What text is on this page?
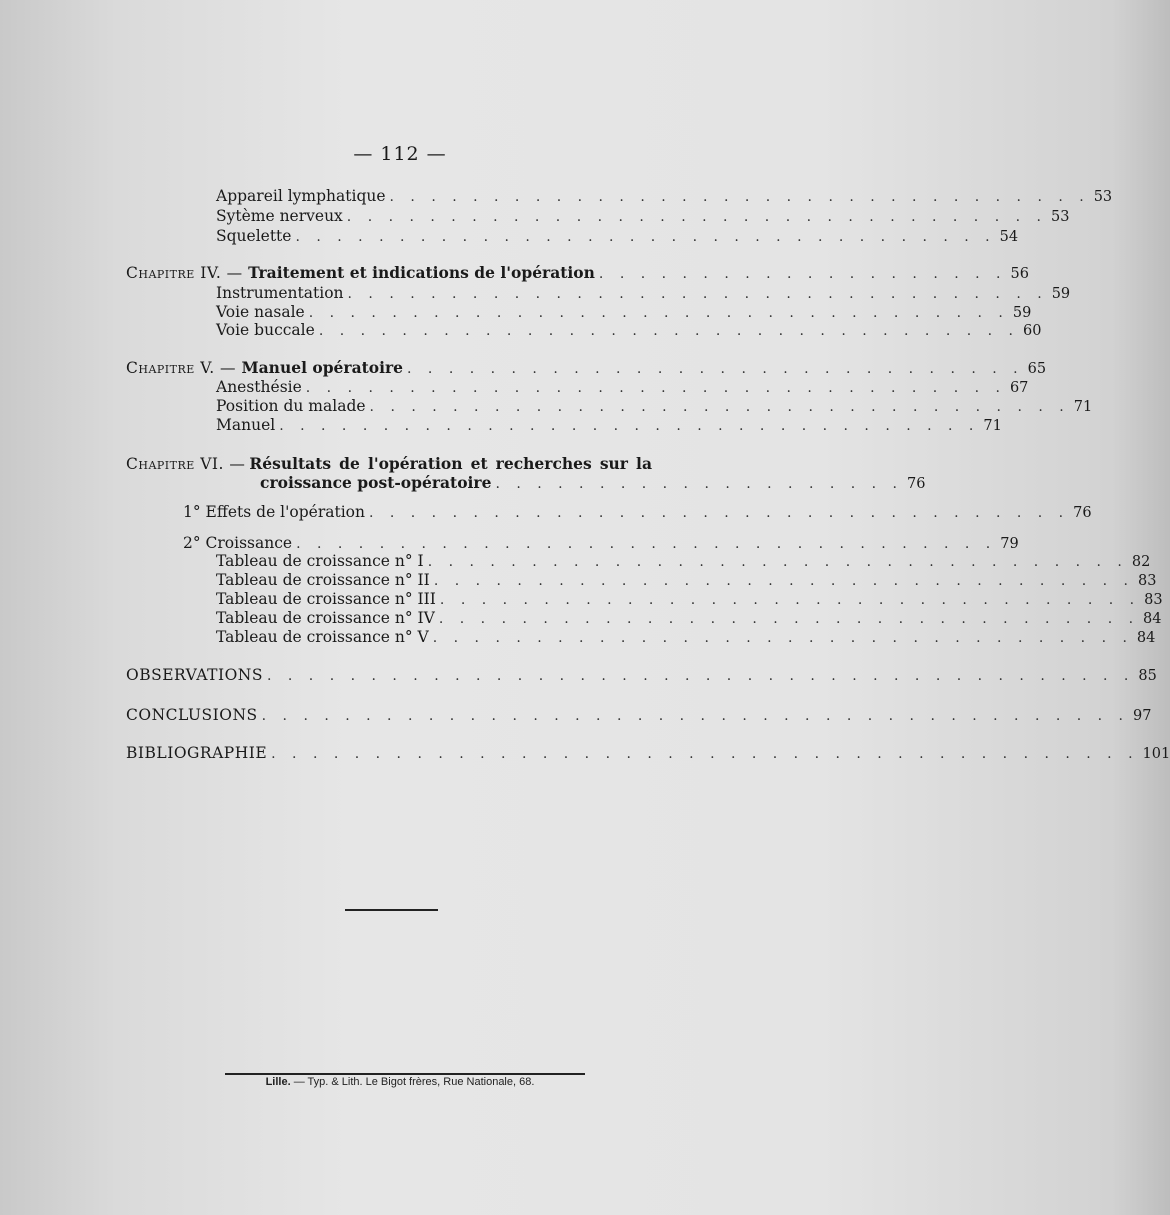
— 112 —
Appareil lymphatique . . . . . . . . . . . . . . . . . . . . . . . . . . . . . . . . . . 53
Sytème nerveux . . . . . . . . . . . . . . . . . . . . . . . . . . . . . . . . . . 53
Squelette . . . . . . . . . . . . . . . . . . . . . . . . . . . . . . . . . . 54
Chapitre IV. — Traitement et indications de l'opération . . . . . . . . . . . . . . . . . . . . 56
Instrumentation . . . . . . . . . . . . . . . . . . . . . . . . . . . . . . . . . . 59
Voie nasale . . . . . . . . . . . . . . . . . . . . . . . . . . . . . . . . . . 59
Voie buccale . . . . . . . . . . . . . . . . . . . . . . . . . . . . . . . . . . 60
Chapitre V. — Manuel opératoire . . . . . . . . . . . . . . . . . . . . . . . . . . . . . . 65
Anesthésie . . . . . . . . . . . . . . . . . . . . . . . . . . . . . . . . . . 67
Position du malade . . . . . . . . . . . . . . . . . . . . . . . . . . . . . . . . . . 71
Manuel . . . . . . . . . . . . . . . . . . . . . . . . . . . . . . . . . . 71
Chapitre VI. — Résultats de l'opération et recherches sur la
croissance post-opératoire . . . . . . . . . . . . . . . . . . . . 76
1° Effets de l'opération . . . . . . . . . . . . . . . . . . . . . . . . . . . . . . . . . . 76
2° Croissance . . . . . . . . . . . . . . . . . . . . . . . . . . . . . . . . . . 79
Tableau de croissance n° I . . . . . . . . . . . . . . . . . . . . . . . . . . . . . . . . . . 82
Tableau de croissance n° II . . . . . . . . . . . . . . . . . . . . . . . . . . . . . . . . . . 83
Tableau de croissance n° III . . . . . . . . . . . . . . . . . . . . . . . . . . . . . . . . . . 83
Tableau de croissance n° IV . . . . . . . . . . . . . . . . . . . . . . . . . . . . . . . . . . 84
Tableau de croissance n° V . . . . . . . . . . . . . . . . . . . . . . . . . . . . . . . . . . 84
OBSERVATIONS . . . . . . . . . . . . . . . . . . . . . . . . . . . . . . . . . . . . . . . . . . 85
CONCLUSIONS . . . . . . . . . . . . . . . . . . . . . . . . . . . . . . . . . . . . . . . . . . 97
BIBLIOGRAPHIE . . . . . . . . . . . . . . . . . . . . . . . . . . . . . . . . . . . . . . . . . . 101
Lille. — Typ. & Lith. Le Bigot frères, Rue Nationale, 68.
